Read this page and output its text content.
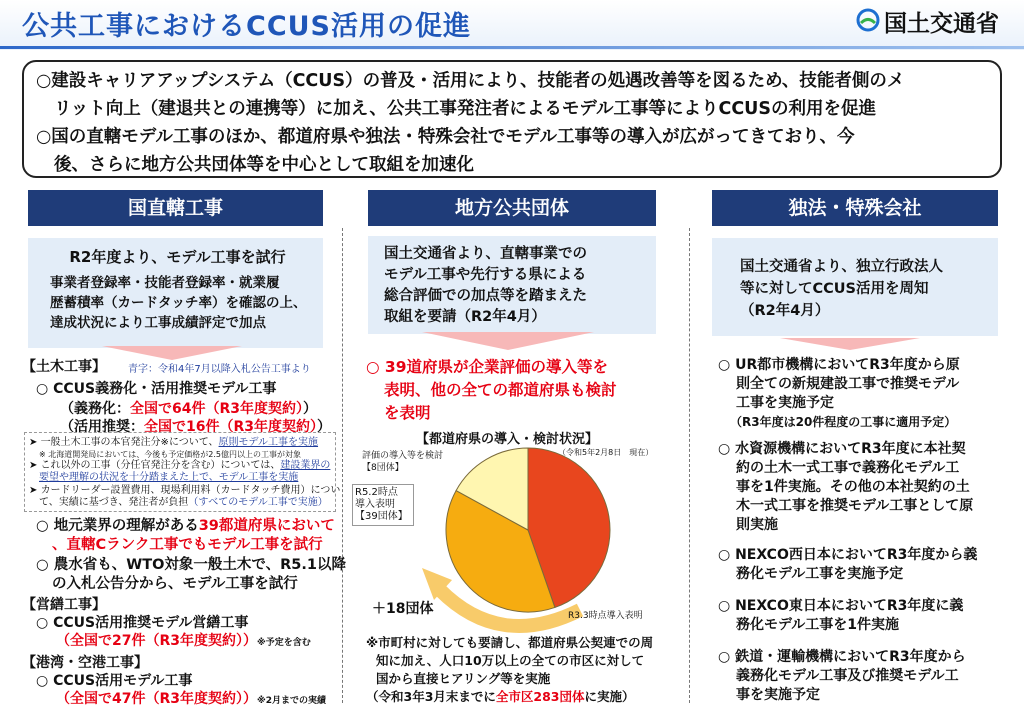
公共工事におけるCCUS活用の促進	国土交通省

○建設キャリアアップシステム（CCUS）の普及・活用により、技能者の処遇改善等を図るため、技能者側のメ

リット向上（建退共との連携等）に加え、公共工事発注者によるモデル工事等によりCCUSの利用を促進

○国の直轄モデル工事のほか、都道府県や独法・特殊会社でモデル工事等の導入が広がってきており、今

後、さらに地方公共団体等を中心として取組を加速化

国直轄工事	地方公共団体	独法・特殊会社
R2年度より、モデル工事を試行
事業者登録率・技能者登録率・就業履
歴蓄積率（カードタッチ率）を確認の上、
達成状況により工事成績評定で加点
【土木工事】 青字：令和4年7月以降入札公告工事より
○ CCUS義務化・活用推奨モデル工事
（義務化：全国で64件（R3年度契約））
（活用推奨：全国で16件（R3年度契約））
➤ 一般土木工事の本官発注分※について、原則モデル工事を実施
※ 北海道開発局においては、今後も予定価格が2.5億円以上の工事が対象
➤ これ以外の工事（分任官発注分を含む）については、建設業界の
要望や理解の状況を十分踏まえた上で、モデル工事を実施
➤ カードリーダー設置費用、現場利用料（カードタッチ費用）につい
て、実績に基づき、発注者が負担（すべてのモデル工事で実施）
○ 地元業界の理解がある39都道府県において
、直轄Cランク工事でもモデル工事を試行
○ 農水省も、WTO対象一般土木で、R5.1以降
の入札公告分から、モデル工事を試行
【営繕工事】
○ CCUS活用推奨モデル営繕工事
（全国で27件（R3年度契約））※予定を含む
【港湾・空港工事】
○ CCUS活用モデル工事
（全国で47件（R3年度契約））※2月までの実績
国土交通省より、直轄事業での
モデル工事や先行する県による
総合評価での加点等を踏まえた
取組を要請（R2年4月）
○ 39道府県が企業評価の導入等を
表明、他の全ての都道府県も検討
を表明
【都道府県の導入・検討状況】
（令和5年2月8日　現在）
評価の導入等を検討
【8団体】
R5.2時点
導入表明
【39団体】
＋18団体	R3.3時点導入表明
※市町村に対しても要請し、都道府県公契連での周
知に加え、人口10万以上の全ての市区に対して
国から直接ヒアリング等を実施
（令和3年3月末までに全市区283団体に実施）
国土交通省より、独立行政法人
等に対してCCUS活用を周知
（R2年4月）
○ UR都市機構においてR3年度から原
則全ての新規建設工事で推奨モデル
工事を実施予定
（R3年度は20件程度の工事に適用予定）
○ 水資源機構においてR3年度に本社契
約の土木一式工事で義務化モデル工
事を1件実施。その他の本社契約の土
木一式工事を推奨モデル工事として原
則実施
○ NEXCO西日本においてR3年度から義
務化モデル工事を実施予定
○ NEXCO東日本においてR3年度に義
務化モデル工事を1件実施
○ 鉄道・運輸機構においてR3年度から
義務化モデル工事及び推奨モデル工
事を実施予定
